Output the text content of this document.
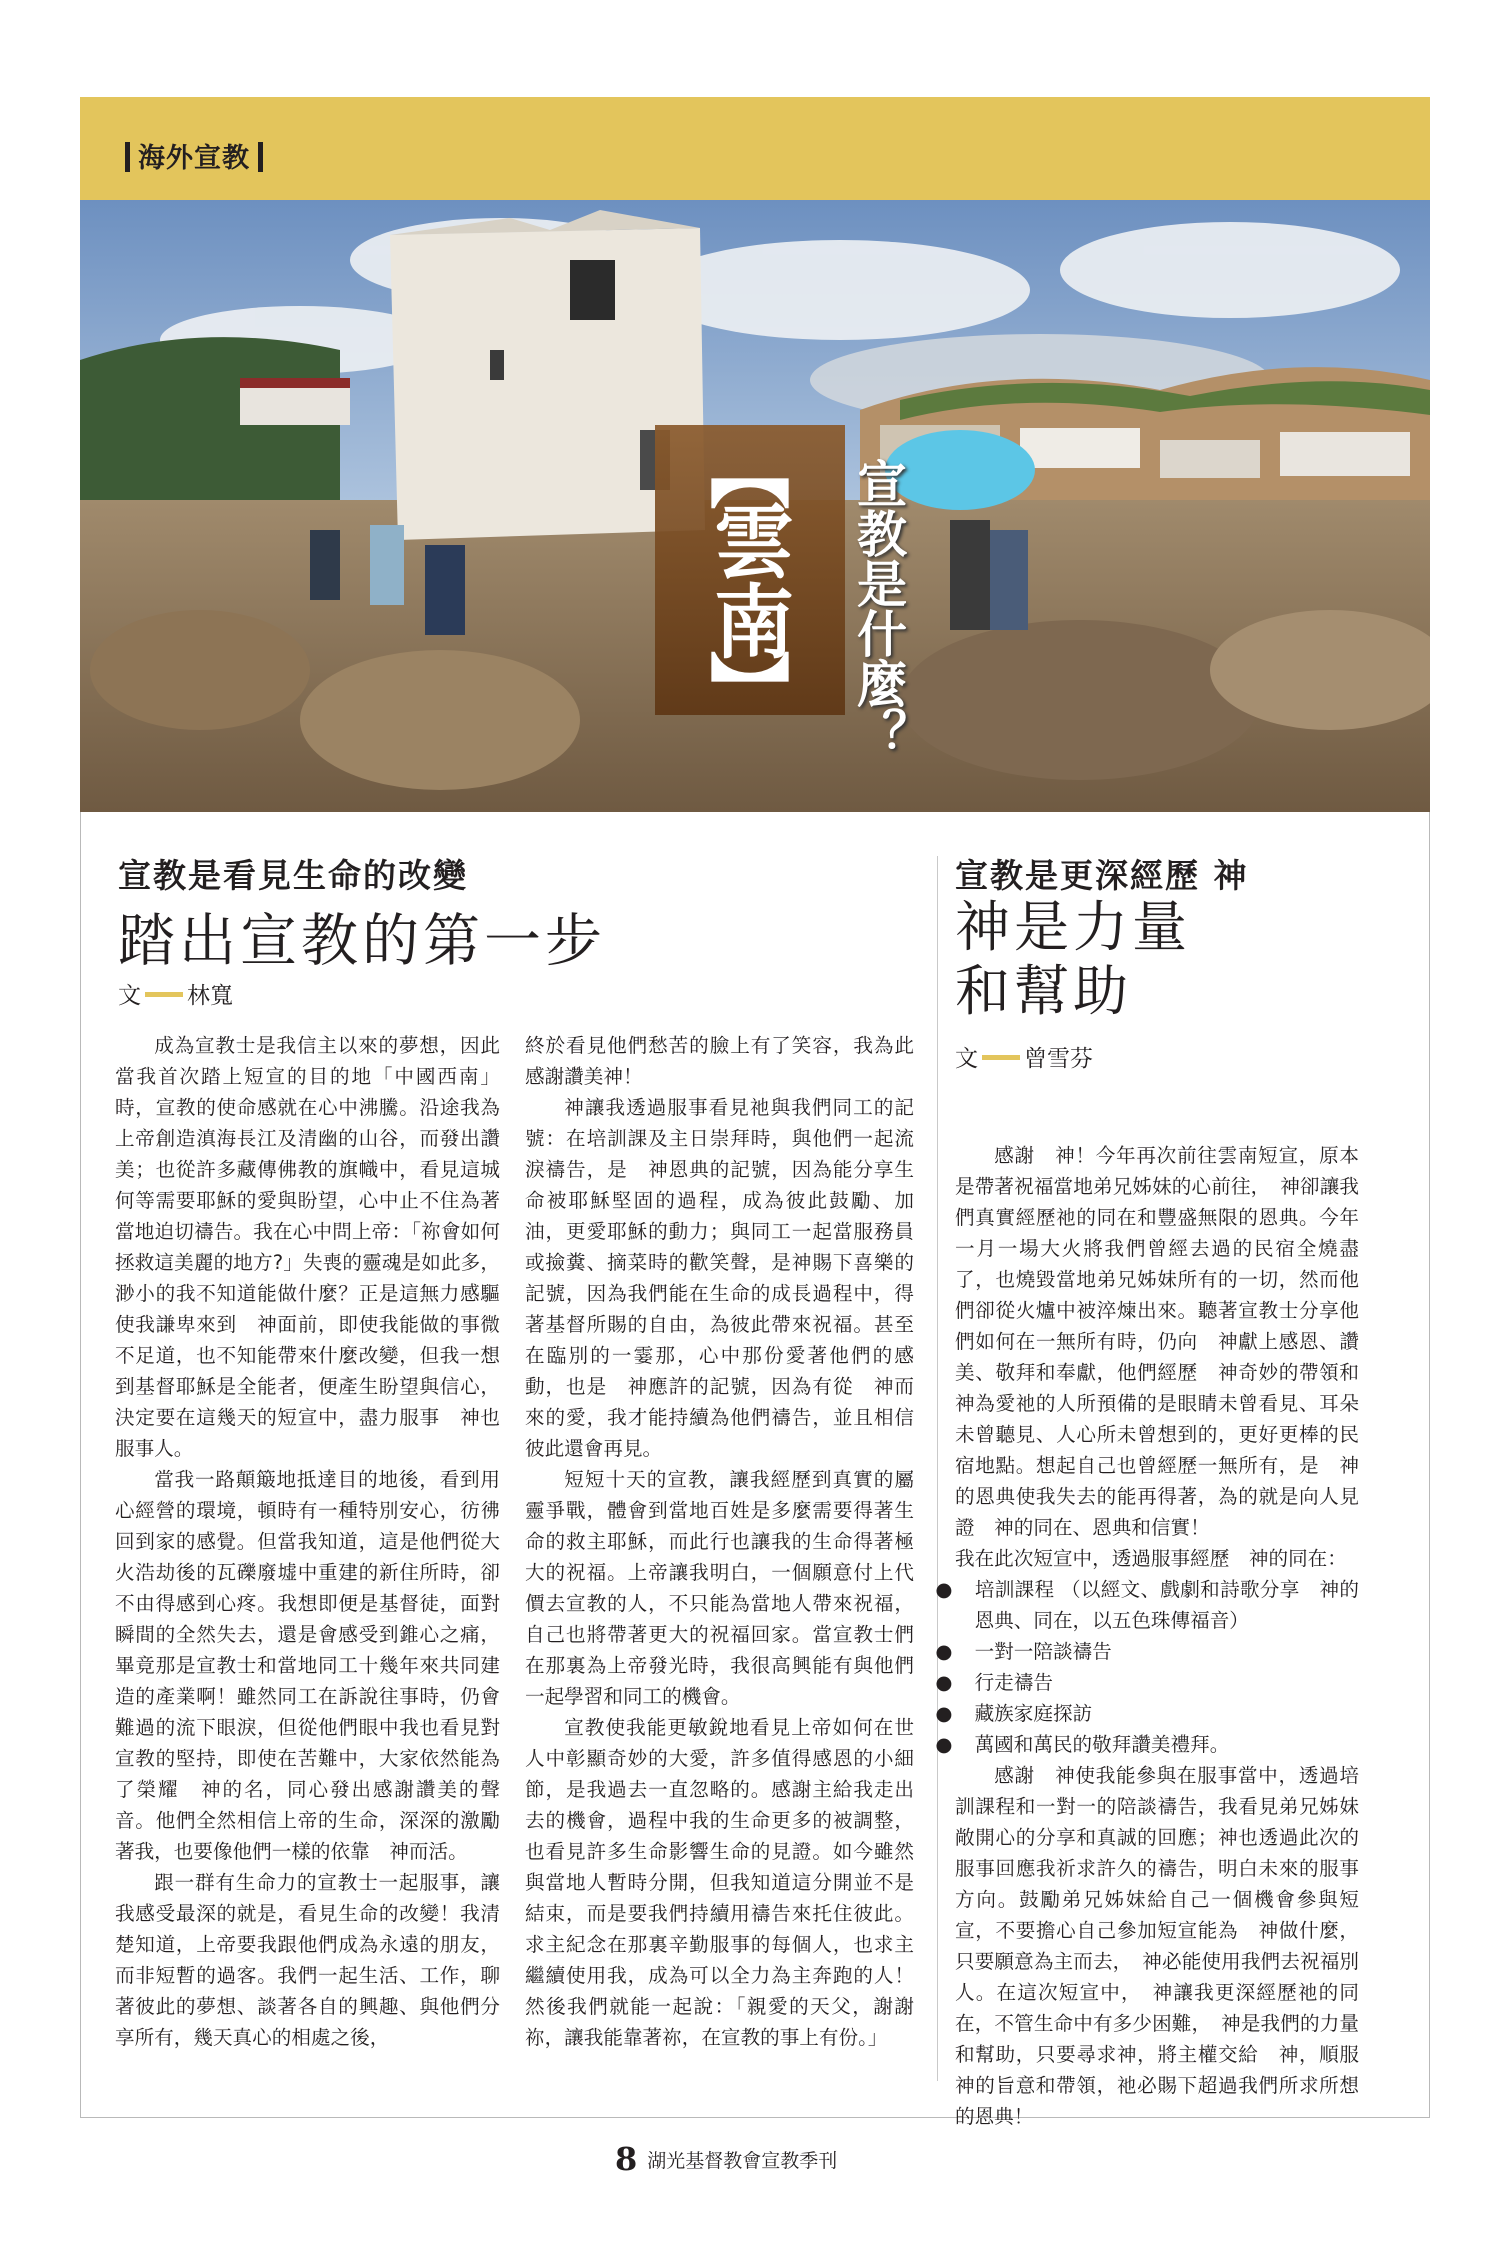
海外宣教
【
雲南
】 宣教是什麼？
宣教是看見生命的改變
踏出宣教的第一步
文 林寬

成為宣教士是我信主以來的夢想，因此當我首次踏上短宣的目的地「中國西南」時，宣教的使命感就在心中沸騰。沿途我為上帝創造滇海長江及清幽的山谷，而發出讚美；也從許多藏傳佛教的旗幟中，看見這城何等需要耶穌的愛與盼望，心中止不住為著當地迫切禱告。我在心中問上帝：「祢會如何拯救這美麗的地方?」失喪的靈魂是如此多，渺小的我不知道能做什麼？正是這無力感驅使我謙卑來到　神面前，即使我能做的事微不足道，也不知能帶來什麼改變，但我一想到基督耶穌是全能者，便產生盼望與信心，決定要在這幾天的短宣中，盡力服事　神也服事人。

當我一路顛簸地抵達目的地後，看到用心經營的環境，頓時有一種特別安心，彷彿回到家的感覺。但當我知道，這是他們從大火浩劫後的瓦礫廢墟中重建的新住所時，卻不由得感到心疼。我想即便是基督徒，面對瞬間的全然失去，還是會感受到錐心之痛，畢竟那是宣教士和當地同工十幾年來共同建造的產業啊！雖然同工在訴說往事時，仍會難過的流下眼淚，但從他們眼中我也看見對宣教的堅持，即使在苦難中，大家依然能為了榮耀　神的名，同心發出感謝讚美的聲音。他們全然相信上帝的生命，深深的激勵著我，也要像他們一樣的依靠　神而活。

跟一群有生命力的宣教士一起服事，讓我感受最深的就是，看見生命的改變！我清楚知道，上帝要我跟他們成為永遠的朋友，而非短暫的過客。我們一起生活、工作，聊著彼此的夢想、談著各自的興趣、與他們分享所有，幾天真心的相處之後，

終於看見他們愁苦的臉上有了笑容，我為此感謝讚美神！

神讓我透過服事看見祂與我們同工的記號：在培訓課及主日崇拜時，與他們一起流淚禱告，是　神恩典的記號，因為能分享生命被耶穌堅固的過程，成為彼此鼓勵、加油，更愛耶穌的動力；與同工一起當服務員或撿糞、摘菜時的歡笑聲，是神賜下喜樂的記號，因為我們能在生命的成長過程中，得著基督所賜的自由，為彼此帶來祝福。甚至在臨別的一霎那，心中那份愛著他們的感動，也是　神應許的記號，因為有從　神而來的愛，我才能持續為他們禱告，並且相信彼此還會再見。

短短十天的宣教，讓我經歷到真實的屬靈爭戰，體會到當地百姓是多麼需要得著生命的救主耶穌，而此行也讓我的生命得著極大的祝福。上帝讓我明白，一個願意付上代價去宣教的人，不只能為當地人帶來祝福，自己也將帶著更大的祝福回家。當宣教士們在那裏為上帝發光時，我很高興能有與他們一起學習和同工的機會。

宣教使我能更敏銳地看見上帝如何在世人中彰顯奇妙的大愛，許多值得感恩的小細節，是我過去一直忽略的。感謝主給我走出去的機會，過程中我的生命更多的被調整，也看見許多生命影響生命的見證。如今雖然與當地人暫時分開，但我知道這分開並不是結束，而是要我們持續用禱告來托住彼此。求主紀念在那裏辛勤服事的每個人，也求主繼續使用我，成為可以全力為主奔跑的人！然後我們就能一起說：「親愛的天父，謝謝祢，讓我能靠著祢，在宣教的事上有份。」

宣教是更深經歷 神
神是力量
和幫助
文 曾雪芬

感謝　神！今年再次前往雲南短宣，原本是帶著祝福當地弟兄姊妹的心前往，　神卻讓我們真實經歷祂的同在和豐盛無限的恩典。今年一月一場大火將我們曾經去過的民宿全燒盡了，也燒毀當地弟兄姊妹所有的一切，然而他們卻從火爐中被淬煉出來。聽著宣教士分享他們如何在一無所有時，仍向　神獻上感恩、讚美、敬拜和奉獻，他們經歷　神奇妙的帶領和　神為愛祂的人所預備的是眼睛未曾看見、耳朵未曾聽見、人心所未曾想到的，更好更棒的民宿地點。想起自己也曾經歷一無所有，是　神的恩典使我失去的能再得著，為的就是向人見證　神的同在、恩典和信實！

我在此次短宣中，透過服事經歷　神的同在：

● 培訓課程 （以經文、戲劇和詩歌分享　神的恩典、同在，以五色珠傳福音）
● 一對一陪談禱告
● 行走禱告
● 藏族家庭探訪
● 萬國和萬民的敬拜讚美禮拜。

感謝　神使我能參與在服事當中，透過培訓課程和一對一的陪談禱告，我看見弟兄姊妹敞開心的分享和真誠的回應；神也透過此次的服事回應我祈求許久的禱告，明白未來的服事方向。鼓勵弟兄姊妹給自己一個機會參與短宣，不要擔心自己參加短宣能為　神做什麼，只要願意為主而去，　神必能使用我們去祝福別人。在這次短宣中，　神讓我更深經歷祂的同在，不管生命中有多少困難，　神是我們的力量和幫助，只要尋求神，將主權交給　神，順服　神的旨意和帶領，祂必賜下超過我們所求所想的恩典！

8 湖光基督教會宣教季刊
